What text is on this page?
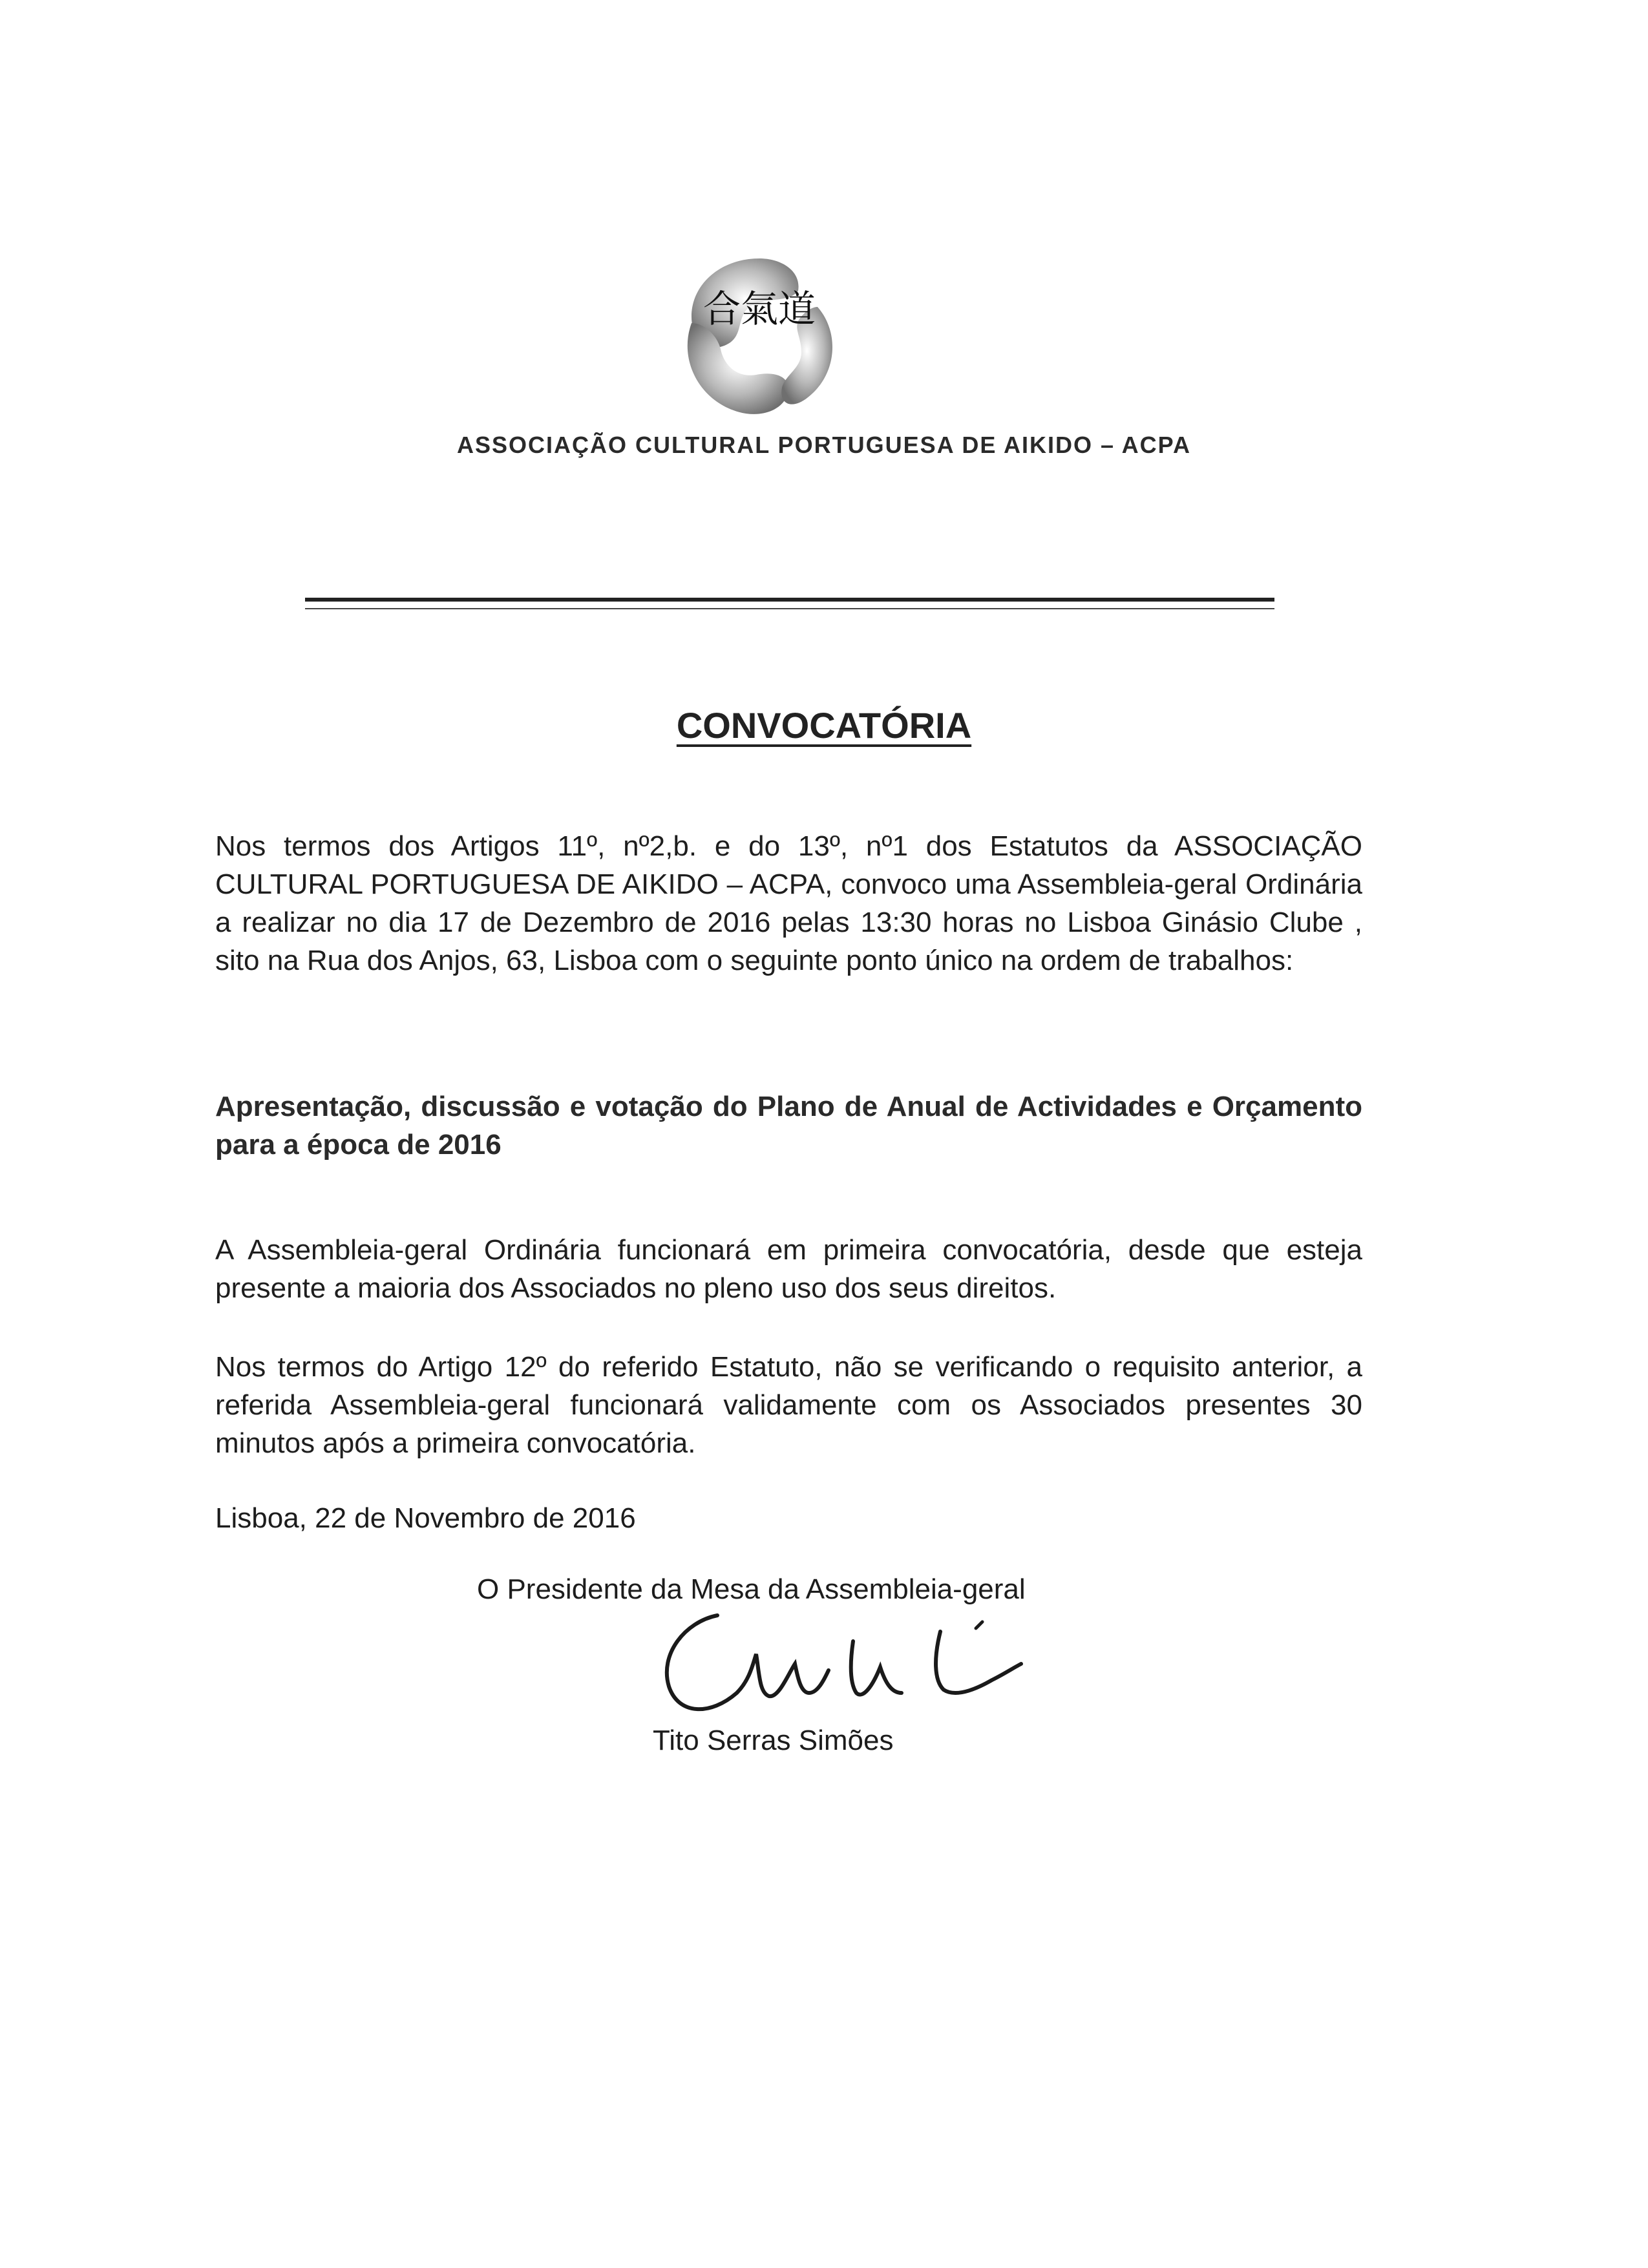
合氣道
ASSOCIAÇÃO CULTURAL PORTUGUESA DE AIKIDO – ACPA
CONVOCATÓRIA
Nos termos dos Artigos 11º, nº2,b. e do 13º, nº1 dos Estatutos da ASSOCIAÇÃO CULTURAL PORTUGUESA DE AIKIDO – ACPA, convoco uma Assembleia-geral Ordinária a realizar no dia 17 de Dezembro de 2016 pelas 13:30 horas no Lisboa Ginásio Clube , sito na Rua dos Anjos, 63, Lisboa com o seguinte ponto único na ordem de trabalhos:
Apresentação, discussão e votação do Plano de Anual de Actividades e Orçamento para a época de 2016
A Assembleia-geral Ordinária funcionará em primeira convocatória, desde que esteja presente a maioria dos Associados no pleno uso dos seus direitos.
Nos termos do Artigo 12º do referido Estatuto, não se verificando o requisito anterior, a referida Assembleia-geral funcionará validamente com os Associados presentes 30 minutos após a primeira convocatória.
Lisboa, 22 de Novembro de 2016
O Presidente da Mesa da Assembleia-geral
Tito Serras Simões
